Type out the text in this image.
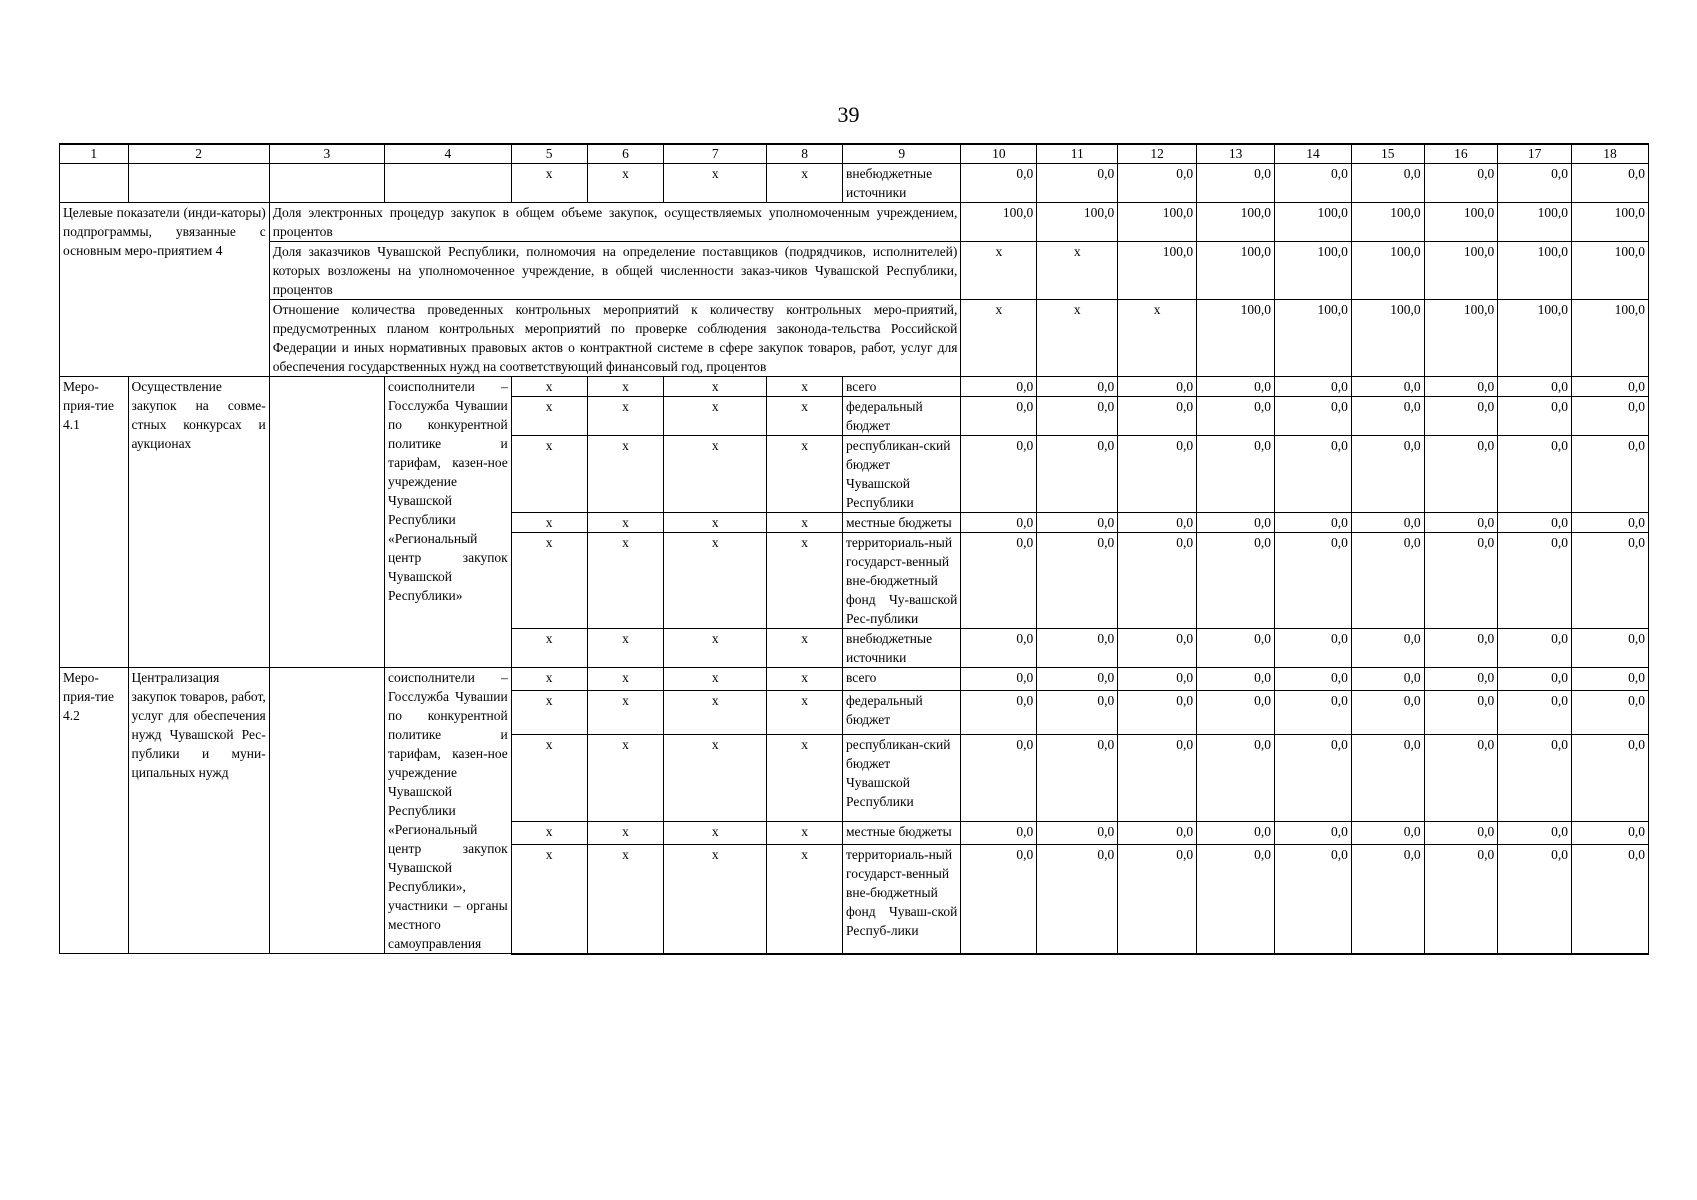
39
1	2	3	4	5	6	7	8	9	10	11	12	13	14	15	16	17	18
				х	х	х	х	внебюджетные источники	0,0	0,0	0,0	0,0	0,0	0,0	0,0	0,0	0,0
Целевые показатели (инди-каторы) подпрограммы, увязанные с основным меро-приятием 4		Доля электронных процедур закупок в общем объеме закупок, осуществляемых уполномоченным учреждением, процентов							100,0	100,0	100,0	100,0	100,0	100,0	100,0	100,0	100,0
		Доля заказчиков Чувашской Республики, полномочия на определение поставщиков (подрядчиков, исполнителей) которых возложены на уполномоченное учреждение, в общей численности заказ-чиков Чувашской Республики, процентов							х	х	100,0	100,0	100,0	100,0	100,0	100,0	100,0
		Отношение количества проведенных контрольных мероприятий к количеству контрольных меро-приятий, предусмотренных планом контрольных мероприятий по проверке соблюдения законода-тельства Российской Федерации и иных нормативных правовых актов о контрактной системе в сфере закупок товаров, работ, услуг для обеспечения государственных нужд на соответствующий финансовый год, процентов							х	х	х	100,0	100,0	100,0	100,0	100,0	100,0
Меро-прия-тие 4.1	Осуществление закупок на совме-стных конкурсах и аукционах		соисполнители – Госслужба Чувашии по конкурентной политике и тарифам, казен-ное учреждение Чувашской Республики «Региональный центр закупок Чувашской Республики»	х	х	х	х	всего	0,0	0,0	0,0	0,0	0,0	0,0	0,0	0,0	0,0
				х	х	х	х	федеральный бюджет	0,0	0,0	0,0	0,0	0,0	0,0	0,0	0,0	0,0
				х	х	х	х	республикан-ский бюджет Чувашской Республики	0,0	0,0	0,0	0,0	0,0	0,0	0,0	0,0	0,0
				х	х	х	х	местные бюджеты	0,0	0,0	0,0	0,0	0,0	0,0	0,0	0,0	0,0
				х	х	х	х	территориаль-ный государст-венный вне-бюджетный фонд Чу-вашской Рес-публики	0,0	0,0	0,0	0,0	0,0	0,0	0,0	0,0	0,0
				х	х	х	х	внебюджетные источники	0,0	0,0	0,0	0,0	0,0	0,0	0,0	0,0	0,0
Меро-прия-тие 4.2	Централизация закупок товаров, работ, услуг для обеспечения нужд Чувашской Рес-публики и муни-ципальных нужд		соисполнители – Госслужба Чувашии по конкурентной политике и тарифам, казен-ное учреждение Чувашской Республики «Региональный центр закупок Чувашской Республики», участники – органы местного самоуправления	х	х	х	х	всего	0,0	0,0	0,0	0,0	0,0	0,0	0,0	0,0	0,0
				х	х	х	х	федеральный бюджет	0,0	0,0	0,0	0,0	0,0	0,0	0,0	0,0	0,0
				х	х	х	х	республикан-ский бюджет Чувашской Республики	0,0	0,0	0,0	0,0	0,0	0,0	0,0	0,0	0,0
				х	х	х	х	местные бюджеты	0,0	0,0	0,0	0,0	0,0	0,0	0,0	0,0	0,0
				х	х	х	х	территориаль-ный государст-венный вне-бюджетный фонд Чуваш-ской Респуб-лики	0,0	0,0	0,0	0,0	0,0	0,0	0,0	0,0	0,0
